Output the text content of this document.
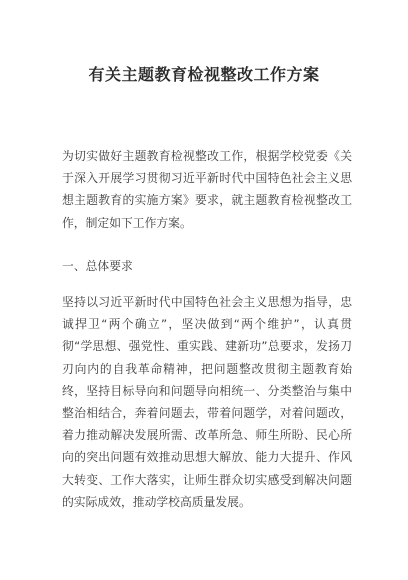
有关主题教育检视整改工作方案
为切实做好主题教育检视整改工作，根据学校党委《关于深入开展学习贯彻习近平新时代中国特色社会主义思想主题教育的实施方案》要求，就主题教育检视整改工作，制定如下工作方案。
一、总体要求
坚持以习近平新时代中国特色社会主义思想为指导，忠诚捍卫“两个确立”，坚决做到“两个维护”，认真贯彻“学思想、强党性、重实践、建新功”总要求，发扬刀刃向内的自我革命精神，把问题整改贯彻主题教育始终，坚持目标导向和问题导向相统一、分类整治与集中整治相结合，奔着问题去，带着问题学，对着问题改，着力推动解决发展所需、改革所急、师生所盼、民心所向的突出问题有效推动思想大解放、能力大提升、作风大转变、工作大落实，让师生群众切实感受到解决问题的实际成效，推动学校高质量发展。
